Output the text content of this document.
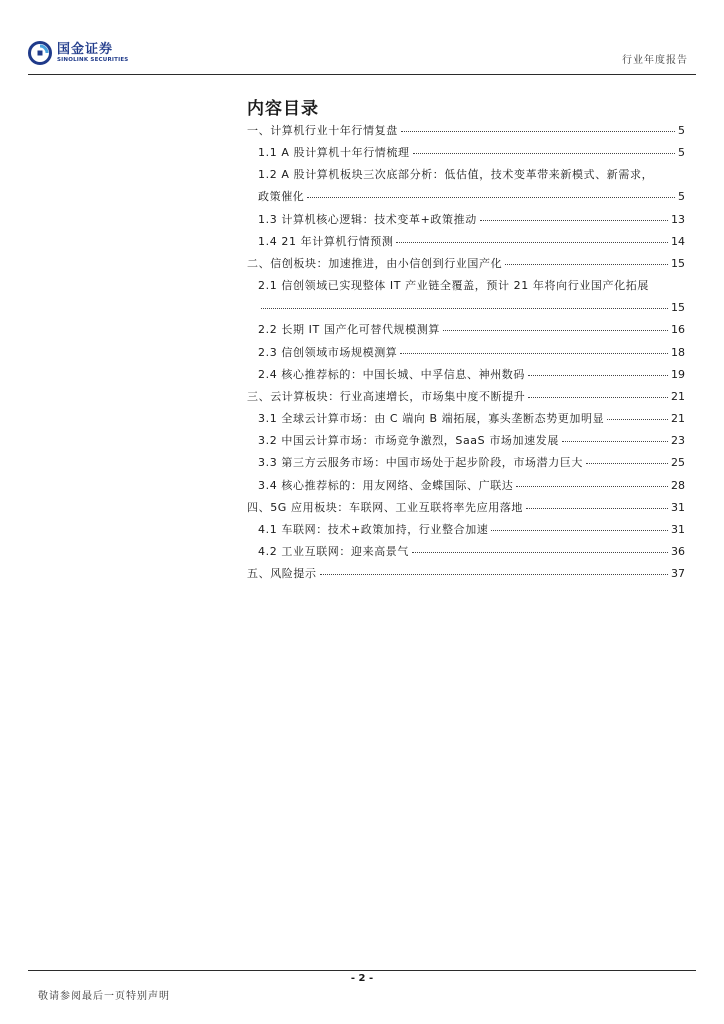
国金证券
SINOLINK SECURITIES	行业年度报告
内容目录
一、计算机行业十年行情复盘	5
1.1 A 股计算机十年行情梳理	5
1.2 A 股计算机板块三次底部分析：低估值，技术变革带来新模式、新需求，
政策催化	5
1.3 计算机核心逻辑：技术变革+政策推动	13
1.4 21 年计算机行情预测	14
二、信创板块：加速推进，由小信创到行业国产化	15
2.1 信创领域已实现整体 IT 产业链全覆盖，预计 21 年将向行业国产化拓展
15
2.2 长期 IT 国产化可替代规模测算	16
2.3 信创领域市场规模测算	18
2.4 核心推荐标的：中国长城、中孚信息、神州数码	19
三、云计算板块：行业高速增长，市场集中度不断提升	21
3.1 全球云计算市场：由 C 端向 B 端拓展，寡头垄断态势更加明显	21
3.2 中国云计算市场：市场竞争激烈，SaaS 市场加速发展	23
3.3 第三方云服务市场：中国市场处于起步阶段，市场潜力巨大	25
3.4 核心推荐标的：用友网络、金蝶国际、广联达	28
四、5G 应用板块：车联网、工业互联将率先应用落地	31
4.1 车联网：技术+政策加持，行业整合加速	31
4.2 工业互联网：迎来高景气	36
五、风险提示	37
- 2 -
敬请参阅最后一页特别声明
